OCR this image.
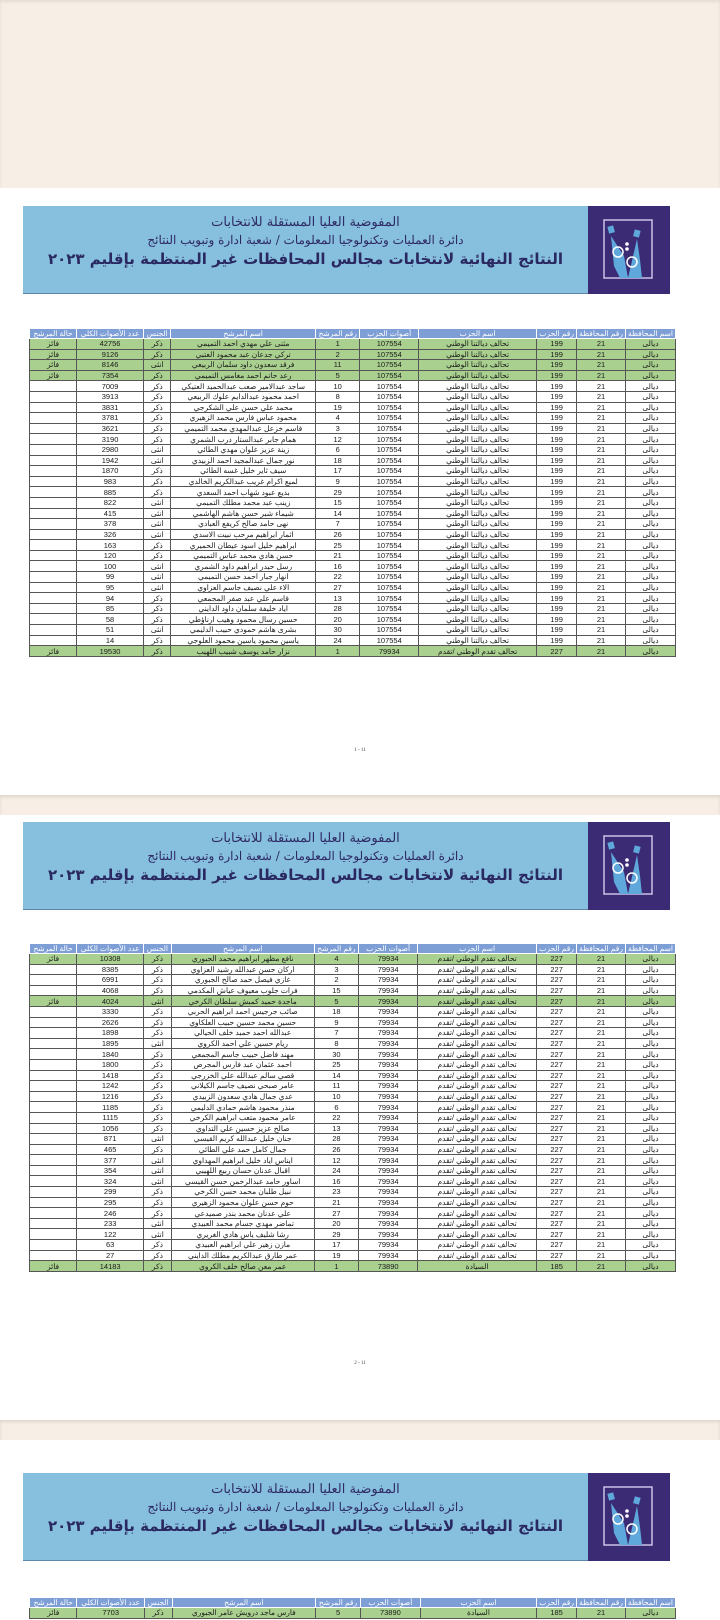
المفوضية العليا المستقلة للانتخابات
دائرة العمليات وتكنولوجيا المعلومات / شعبة ادارة وتبويب النتائج
النتائج النهائية لانتخابات مجالس المحافظات غير المنتظمة بإقليم ٢٠٢٣
اسم المحافظة	رقم المحافظة	رقم الحزب	اسم الحزب	أصوات الحزب	رقم المرشح	اسم المرشح	الجنس	عدد الأصوات الكلي	حالة المرشح
ديالى	21	199	تحالف ديالتنا الوطني	107554	1	مثنى علي مهدي احمد التميمي	ذكر	42756	فائز
ديالى	21	199	تحالف ديالتنا الوطني	107554	2	تركي جدعان عبد محمود العتبي	ذكر	9126	فائز
ديالى	21	199	تحالف ديالتنا الوطني	107554	11	فرقد سعدون داود سلمان الربيعي	انثى	8146	فائز
ديالى	21	199	تحالف ديالتنا الوطني	107554	5	رعد حاتم احمد مغامس التميمي	ذكر	7354	فائز
ديالى	21	199	تحالف ديالتنا الوطني	107554	10	ساجد عبدالامير صعب عبدالحميد العتيكي	ذكر	7009	
ديالى	21	199	تحالف ديالتنا الوطني	107554	8	احمد محمود عبدالدايم علوك الربيعي	ذكر	3913	
ديالى	21	199	تحالف ديالتنا الوطني	107554	19	محمد علي حسن علي الشكرجي	ذكر	3831	
ديالى	21	199	تحالف ديالتنا الوطني	107554	4	محمود عباس فارس محمد الزهيري	ذكر	3781	
ديالى	21	199	تحالف ديالتنا الوطني	107554	3	قاسم خزعل عبدالمهدي محمد التميمي	ذكر	3621	
ديالى	21	199	تحالف ديالتنا الوطني	107554	12	همام جابر عبدالستار درب الشمري	ذكر	3190	
ديالى	21	199	تحالف ديالتنا الوطني	107554	6	زينة عزيز علوان مهدي الطائي	انثى	2980	
ديالى	21	199	تحالف ديالتنا الوطني	107554	18	نور جمال عبدالمجيد احمد الزبيدي	انثى	1942	
ديالى	21	199	تحالف ديالتنا الوطني	107554	17	سيف ثاير خليل غسه الطائي	ذكر	1870	
ديالى	21	199	تحالف ديالتنا الوطني	107554	9	لميع اكرام غريب عبدالكريم الخالدي	ذكر	983	
ديالى	21	199	تحالف ديالتنا الوطني	107554	29	بديع عبود شهاب احمد السعدي	ذكر	885	
ديالى	21	199	تحالف ديالتنا الوطني	107554	15	زينب عبد محمد مطلك التميمي	انثى	822	
ديالى	21	199	تحالف ديالتنا الوطني	107554	14	شيماء شبر حسن هاشم الهاشمي	انثى	415	
ديالى	21	199	تحالف ديالتنا الوطني	107554	7	نهى حامد صالح كريفع العبادي	انثى	378	
ديالى	21	199	تحالف ديالتنا الوطني	107554	26	اثمار ابراهيم مرحب نبيت الاسدي	انثى	326	
ديالى	21	199	تحالف ديالتنا الوطني	107554	25	ابراهيم خليل اسود عيطان الحميري	ذكر	163	
ديالى	21	199	تحالف ديالتنا الوطني	107554	21	حسن هادي محمد عباس التميمي	ذكر	120	
ديالى	21	199	تحالف ديالتنا الوطني	107554	16	رسل حيدر ابراهيم داود الشمري	انثى	100	
ديالى	21	199	تحالف ديالتنا الوطني	107554	22	انهار جبار احمد حسن التميمي	انثى	99	
ديالى	21	199	تحالف ديالتنا الوطني	107554	27	الاء علي نصيف جاسم العزاوي	انثى	95	
ديالى	21	199	تحالف ديالتنا الوطني	107554	13	قاسم علي عبد صفر المجمعي	ذكر	94	
ديالى	21	199	تحالف ديالتنا الوطني	107554	28	اياد خليفة سلمان داود الدايني	ذكر	85	
ديالى	21	199	تحالف ديالتنا الوطني	107554	20	حسين رسال محمود وهيب ارناؤطي	ذكر	58	
ديالى	21	199	تحالف ديالتنا الوطني	107554	30	بشرى هاشم حمودي حبيب الدليمي	انثى	51	
ديالى	21	199	تحالف ديالتنا الوطني	107554	24	ياسين محمود ياسين محمود العلوجي	ذكر	14	
ديالى	21	227	تحالف تقدم الوطني /تقدم	79934	1	نزار حامد يوسف شبيب اللهيب	ذكر	19530	فائز
1 - 11
المفوضية العليا المستقلة للانتخابات
دائرة العمليات وتكنولوجيا المعلومات / شعبة ادارة وتبويب النتائج
النتائج النهائية لانتخابات مجالس المحافظات غير المنتظمة بإقليم ٢٠٢٣
اسم المحافظة	رقم المحافظة	رقم الحزب	اسم الحزب	أصوات الحزب	رقم المرشح	اسم المرشح	الجنس	عدد الأصوات الكلي	حالة المرشح
ديالى	21	227	تحالف تقدم الوطني /تقدم	79934	4	نافع مظهر ابراهيم محمد الجبوري	ذكر	10308	فائز
ديالى	21	227	تحالف تقدم الوطني /تقدم	79934	3	اركان حسن عبدالله رشيد العزاوي	ذكر	8385	
ديالى	21	227	تحالف تقدم الوطني /تقدم	79934	2	غازي فيصل حمد صالح الجبوري	ذكر	6991	
ديالى	21	227	تحالف تقدم الوطني /تقدم	79934	15	فرات جلوب معيوف عياش المكدمي	ذكر	4068	
ديالى	21	227	تحالف تقدم الوطني /تقدم	79934	5	ماجدة حميد كمبش سلطان الكرخي	انثى	4024	فائز
ديالى	21	227	تحالف تقدم الوطني /تقدم	79934	18	صائب جرجيس احمد ابراهيم الحربي	ذكر	3330	
ديالى	21	227	تحالف تقدم الوطني /تقدم	79934	9	حسين محمد حسين حبيب العلكاوي	ذكر	2626	
ديالى	21	227	تحالف تقدم الوطني /تقدم	79934	7	عبدالله احمد حميد خلف الحيالي	ذكر	1898	
ديالى	21	227	تحالف تقدم الوطني /تقدم	79934	8	ريام حسين علي احمد الكروي	انثى	1895	
ديالى	21	227	تحالف تقدم الوطني /تقدم	79934	30	مهند فاضل حبيب جاسم المجمعي	ذكر	1840	
ديالى	21	227	تحالف تقدم الوطني /تقدم	79934	25	احمد عثمان عبد فارس المجرص	ذكر	1800	
ديالى	21	227	تحالف تقدم الوطني /تقدم	79934	14	قصي سالم عبدالله علي الخزرجي	ذكر	1418	
ديالى	21	227	تحالف تقدم الوطني /تقدم	79934	11	عامر صبحي نصيف جاسم الكيلاني	ذكر	1242	
ديالى	21	227	تحالف تقدم الوطني /تقدم	79934	10	عدي جمال هادي سعدون الزبيدي	ذكر	1216	
ديالى	21	227	تحالف تقدم الوطني /تقدم	79934	6	منذر محمود هاشم حمادي الدليمي	ذكر	1185	
ديالى	21	227	تحالف تقدم الوطني /تقدم	79934	22	عامر محمود متعب ابراهيم الكرخي	ذكر	1115	
ديالى	21	227	تحالف تقدم الوطني /تقدم	79934	13	صالح عزيز حسين علي التداوي	ذكر	1056	
ديالى	21	227	تحالف تقدم الوطني /تقدم	79934	28	جنان خليل عبدالله كريم القيسي	انثى	871	
ديالى	21	227	تحالف تقدم الوطني /تقدم	79934	26	جمال كامل حمد علي الطائي	ذكر	465	
ديالى	21	227	تحالف تقدم الوطني /تقدم	79934	12	ايناس اياد خليل ابراهيم المهداوي	انثى	377	
ديالى	21	227	تحالف تقدم الوطني /تقدم	79934	24	اقبال عدنان حسان ربيع اللهيبي	انثى	354	
ديالى	21	227	تحالف تقدم الوطني /تقدم	79934	16	اساور حامد عبدالرحمن حسن القيسي	انثى	324	
ديالى	21	227	تحالف تقدم الوطني /تقدم	79934	23	نبيل طلبان محمد حسن الكرخي	ذكر	299	
ديالى	21	227	تحالف تقدم الوطني /تقدم	79934	21	حوم حسن علوان محمود الزهيري	ذكر	295	
ديالى	21	227	تحالف تقدم الوطني /تقدم	79934	27	علي عدنان محمد بندر صميدعي	ذكر	246	
ديالى	21	227	تحالف تقدم الوطني /تقدم	79934	20	تماضر مهدي جسام محمد العبيدي	انثى	233	
ديالى	21	227	تحالف تقدم الوطني /تقدم	79934	29	رشا شليف ياس هادي الغريري	انثى	122	
ديالى	21	227	تحالف تقدم الوطني /تقدم	79934	17	مازن زهير علي ابراهيم العبيدي	ذكر	63	
ديالى	21	227	تحالف تقدم الوطني /تقدم	79934	19	عمر طارق عبدالكريم مطلك الدايني	ذكر	27	
ديالى	21	185	السيادة	73890	1	عمر معن صالح خلف الكروي	ذكر	14183	فائز
2 - 11
المفوضية العليا المستقلة للانتخابات
دائرة العمليات وتكنولوجيا المعلومات / شعبة ادارة وتبويب النتائج
النتائج النهائية لانتخابات مجالس المحافظات غير المنتظمة بإقليم ٢٠٢٣
اسم المحافظة	رقم المحافظة	رقم الحزب	اسم الحزب	أصوات الحزب	رقم المرشح	اسم المرشح	الجنس	عدد الأصوات الكلي	حالة المرشح
ديالى	21	185	السيادة	73890	5	فارس ماجد درويش عامر الجبوري	ذكر	7703	فائز
